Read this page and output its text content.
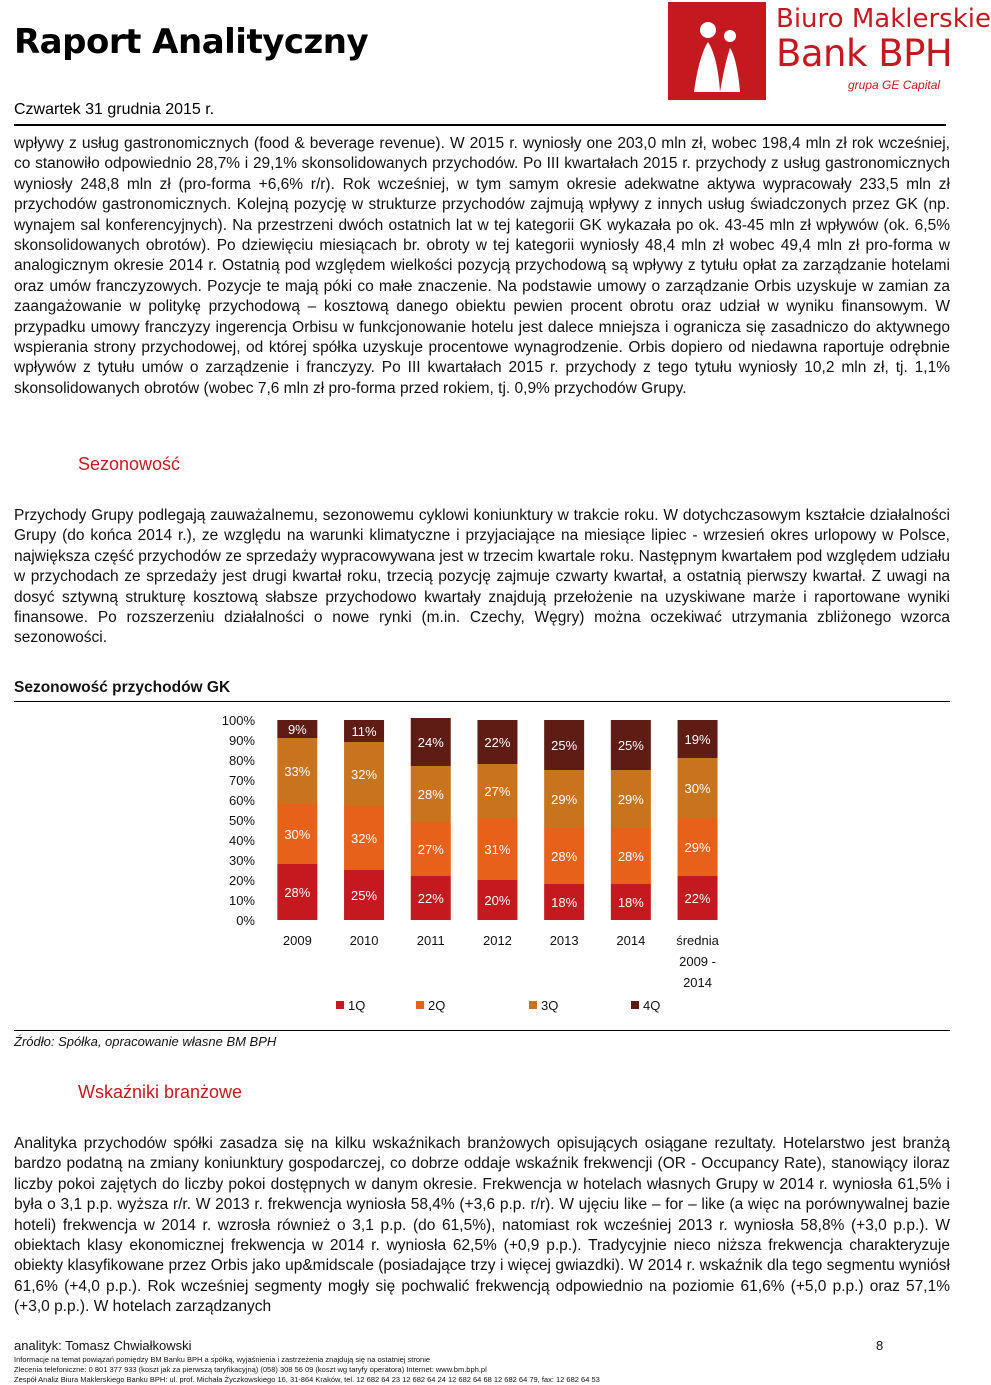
Raport Analityczny
Czwartek 31 grudnia 2015 r.
Biuro Maklerskie
Bank BPH
grupa GE Capital
wpływy z usług gastronomicznych (food & beverage revenue). W 2015 r. wyniosły one 203,0 mln zł, wobec 198,4 mln zł rok wcześniej, co stanowiło odpowiednio 28,7% i 29,1% skonsolidowanych przychodów. Po III kwartałach 2015 r. przychody z usług gastronomicznych wyniosły 248,8 mln zł (pro-forma +6,6% r/r). Rok wcześniej, w tym samym okresie adekwatne aktywa wypracowały 233,5 mln zł przychodów gastronomicznych. Kolejną pozycję w strukturze przychodów zajmują wpływy z innych usług świadczonych przez GK (np. wynajem sal konferencyjnych). Na przestrzeni dwóch ostatnich lat w tej kategorii GK wykazała po ok. 43-45 mln zł wpływów (ok. 6,5% skonsolidowanych obrotów). Po dziewięciu miesiącach br. obroty w tej kategorii wyniosły 48,4 mln zł wobec 49,4 mln zł pro-forma w analogicznym okresie 2014 r. Ostatnią pod względem wielkości pozycją przychodową są wpływy z tytułu opłat za zarządzanie hotelami oraz umów franczyzowych. Pozycje te mają póki co małe znaczenie. Na podstawie umowy o zarządzanie Orbis uzyskuje w zamian za zaangażowanie w politykę przychodową – kosztową danego obiektu pewien procent obrotu oraz udział w wyniku finansowym. W przypadku umowy franczyzy ingerencja Orbisu w funkcjonowanie hotelu jest dalece mniejsza i ogranicza się zasadniczo do aktywnego wspierania strony przychodowej, od której spółka uzyskuje procentowe wynagrodzenie. Orbis dopiero od niedawna raportuje odrębnie wpływów z tytułu umów o zarządzenie i franczyzy. Po III kwartałach 2015 r. przychody z tego tytułu wyniosły 10,2 mln zł, tj. 1,1% skonsolidowanych obrotów (wobec 7,6 mln zł pro-forma przed rokiem, tj. 0,9% przychodów Grupy.
Sezonowość
Przychody Grupy podlegają zauważalnemu, sezonowemu cyklowi koniunktury w trakcie roku. W dotychczasowym kształcie działalności Grupy (do końca 2014 r.), ze względu na warunki klimatyczne i przyjaciające na miesiące lipiec - wrzesień okres urlopowy w Polsce, największa część przychodów ze sprzedaży wypracowywana jest w trzecim kwartale roku. Następnym kwartałem pod względem udziału w przychodach ze sprzedaży jest drugi kwartał roku, trzecią pozycję zajmuje czwarty kwartał, a ostatnią pierwszy kwartał. Z uwagi na dosyć sztywną strukturę kosztową słabsze przychodowo kwartały znajdują przełożenie na uzyskiwane marże i raportowane wyniki finansowe. Po rozszerzeniu działalności o nowe rynki (m.in. Czechy, Węgry) można oczekiwać utrzymania zbliżonego wzorca sezonowości.
Sezonowość przychodów GK
100%
90%
80%
70%
60%
50%
40%
30%
20%
10%
0%
28%
30%
33%
9%
2009
25%
32%
32%
11%
2010
22%
27%
28%
24%
2011
20%
31%
27%
22%
2012
18%
28%
29%
25%
2013
18%
28%
29%
25%
2014
22%
29%
30%
19%
średnia
2009 -
2014
1Q	2Q	3Q	4Q
Źródło: Spółka, opracowanie własne BM BPH
Wskaźniki branżowe
Analityka przychodów spółki zasadza się na kilku wskaźnikach branżowych opisujących osiągane rezultaty. Hotelarstwo jest branżą bardzo podatną na zmiany koniunktury gospodarczej, co dobrze oddaje wskaźnik frekwencji (OR - Occupancy Rate), stanowiący iloraz liczby pokoi zajętych do liczby pokoi dostępnych w danym okresie. Frekwencja w hotelach własnych Grupy w 2014 r. wyniosła 61,5% i była o 3,1 p.p. wyższa r/r. W 2013 r. frekwencja wyniosła 58,4% (+3,6 p.p. r/r). W ujęciu like – for – like (a więc na porównywalnej bazie hoteli) frekwencja w 2014 r. wzrosła również o 3,1 p.p. (do 61,5%), natomiast rok wcześniej 2013 r. wyniosła 58,8% (+3,0 p.p.). W obiektach klasy ekonomicznej frekwencja w 2014 r. wyniosła 62,5% (+0,9 p.p.). Tradycyjnie nieco niższa frekwencja charakteryzuje obiekty klasyfikowane przez Orbis jako up&midscale (posiadające trzy i więcej gwiazdki). W 2014 r. wskaźnik dla tego segmentu wyniósł 61,6% (+4,0 p.p.). Rok wcześniej segmenty mogły się pochwalić frekwencją odpowiednio na poziomie 61,6% (+5,0 p.p.) oraz 57,1% (+3,0 p.p.). W hotelach zarządzanych
analityk: Tomasz Chwiałkowski	8
Informacje na temat powiązań pomiędzy BM Banku BPH a spółką, wyjaśnienia i zastrzeżenia znajdują się na ostatniej stronie
Zlecenia telefoniczne: 0 801 377 933 (koszt jak za pierwszą taryfikacyjną) (058) 308 56 09 (koszt wg taryfy operatora) Internet: www.bm.bph.pl
Zespół Analiz Biura Maklerskiego Banku BPH: ul. prof. Michała Życzkowskiego 16, 31-864 Kraków, tel. 12 682 64 23 12 682 64 24 12 682 64 68 12 682 64 79, fax: 12 682 64 53
